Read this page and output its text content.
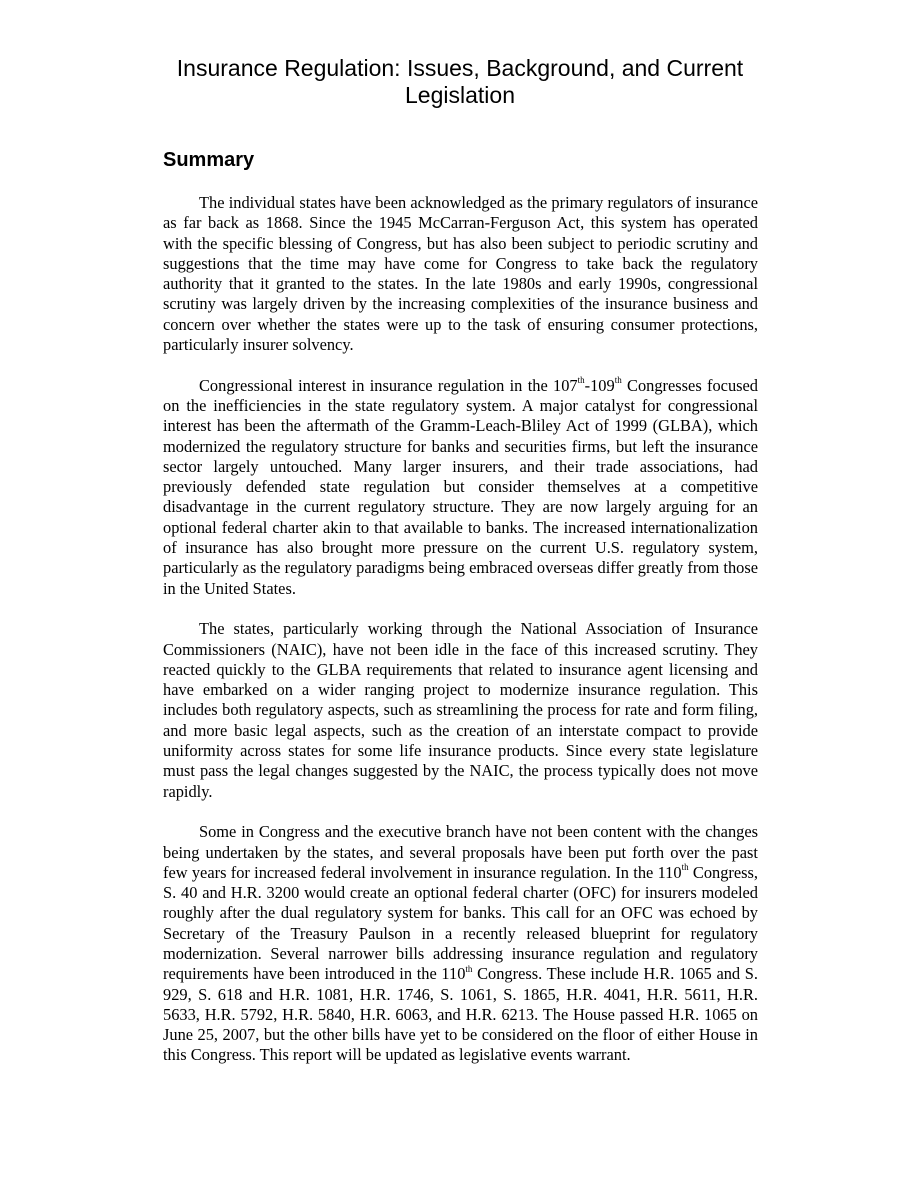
Insurance Regulation: Issues, Background, and Current
Legislation
Summary

The individual states have been acknowledged as the primary regulators of insurance as far back as 1868. Since the 1945 McCarran-Ferguson Act, this system has operated with the specific blessing of Congress, but has also been subject to periodic scrutiny and suggestions that the time may have come for Congress to take back the regulatory authority that it granted to the states. In the late 1980s and early 1990s, congressional scrutiny was largely driven by the increasing complexities of the insurance business and concern over whether the states were up to the task of ensuring consumer protections, particularly insurer solvency.

Congressional interest in insurance regulation in the 107th-109th Congresses focused on the inefficiencies in the state regulatory system. A major catalyst for congressional interest has been the aftermath of the Gramm-Leach-Bliley Act of 1999 (GLBA), which modernized the regulatory structure for banks and securities firms, but left the insurance sector largely untouched. Many larger insurers, and their trade associations, had previously defended state regulation but consider themselves at a competitive disadvantage in the current regulatory structure. They are now largely arguing for an optional federal charter akin to that available to banks. The increased internationalization of insurance has also brought more pressure on the current U.S. regulatory system, particularly as the regulatory paradigms being embraced overseas differ greatly from those in the United States.

The states, particularly working through the National Association of Insurance Commissioners (NAIC), have not been idle in the face of this increased scrutiny. They reacted quickly to the GLBA requirements that related to insurance agent licensing and have embarked on a wider ranging project to modernize insurance regulation. This includes both regulatory aspects, such as streamlining the process for rate and form filing, and more basic legal aspects, such as the creation of an interstate compact to provide uniformity across states for some life insurance products. Since every state legislature must pass the legal changes suggested by the NAIC, the process typically does not move rapidly.

Some in Congress and the executive branch have not been content with the changes being undertaken by the states, and several proposals have been put forth over the past few years for increased federal involvement in insurance regulation. In the 110th Congress, S. 40 and H.R. 3200 would create an optional federal charter (OFC) for insurers modeled roughly after the dual regulatory system for banks. This call for an OFC was echoed by Secretary of the Treasury Paulson in a recently released blueprint for regulatory modernization. Several narrower bills addressing insurance regulation and regulatory requirements have been introduced in the 110th Congress. These include H.R. 1065 and S. 929, S. 618 and H.R. 1081, H.R. 1746, S. 1061, S. 1865, H.R. 4041, H.R. 5611, H.R. 5633, H.R. 5792, H.R. 5840, H.R. 6063, and H.R. 6213. The House passed H.R. 1065 on June 25, 2007, but the other bills have yet to be considered on the floor of either House in this Congress. This report will be updated as legislative events warrant.
